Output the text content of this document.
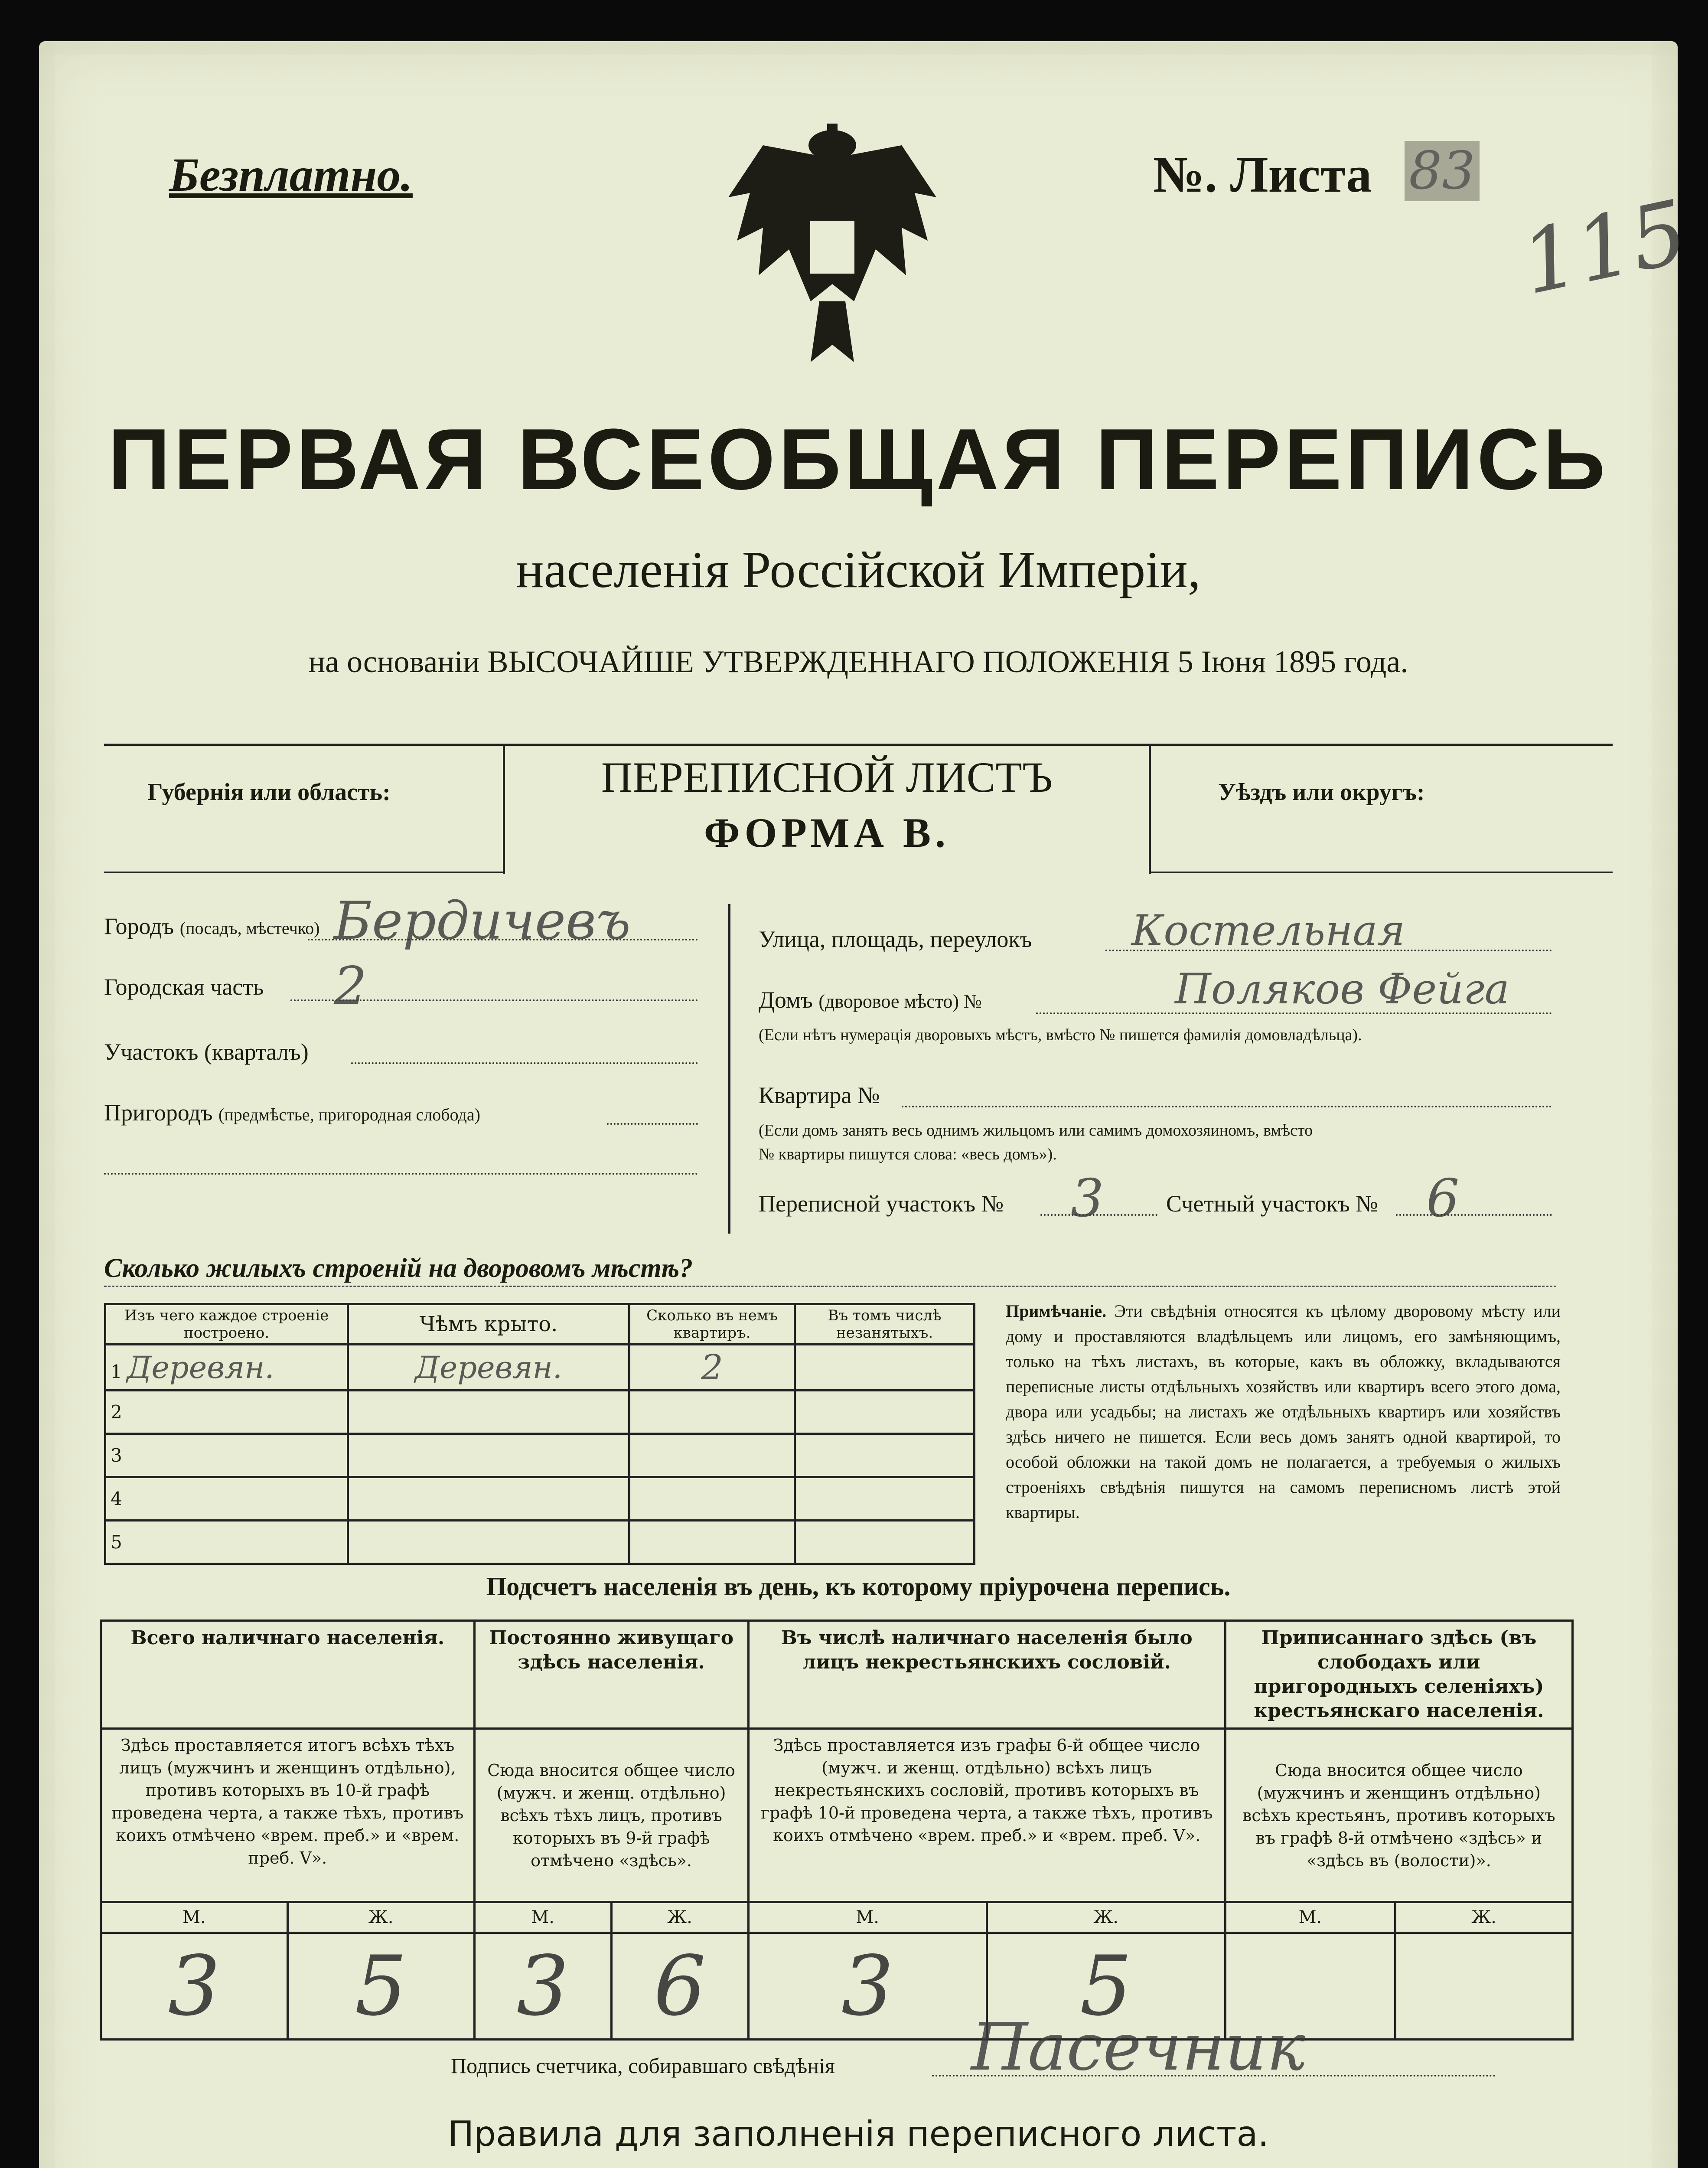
Безплатно.	№. Листа 83
115
ПЕРВАЯ ВСЕОБЩАЯ ПЕРЕПИСЬ
населенія Россійской Имперіи,
на основаніи ВЫСОЧАЙШЕ УТВЕРЖДЕННАГО ПОЛОЖЕНІЯ 5 Іюня 1895 года.
Губернія или область:	ПЕРЕПИСНОЙ ЛИСТЪ
ФОРМА В.
Уѣздъ или округъ:
Городъ (посадъ, мѣстечко) Бердичевъ
Городская часть 2
Участокъ (кварталъ)
Пригородъ (предмѣстье, пригородная слобода)
Улица, площадь, переулокъ Костельная
Домъ (дворовое мѣсто) №	Поляков Фейга
(Если нѣтъ нумерація дворовыхъ мѣстъ, вмѣсто № пишется фамилія домовладѣльца).
Квартира №
(Если домъ занятъ весь однимъ жильцомъ или самимъ домохозяиномъ, вмѣсто
№ квартиры пишутся слова: «весь домъ»).
Переписной участокъ № 3	Счетный участокъ № 6
Сколько жилыхъ строеній на дворовомъ мѣстѣ?
Изъ чего каждое строеніе построено.	Чѣмъ крыто.	Сколько въ немъ квартиръ.	Въ томъ числѣ незанятыхъ.
1 Деревян.	Деревян.	2	
2			
3			
4			
5			
Примѣчаніе. Эти свѣдѣнія относятся къ цѣлому дворовому мѣсту или дому и проставляются владѣльцемъ или лицомъ, его замѣняющимъ, только на тѣхъ листахъ, въ которые, какъ въ обложку, вкладываются переписные листы отдѣльныхъ хозяйствъ или квартиръ всего этого дома, двора или усадьбы; на листахъ же отдѣльныхъ квартиръ или хозяйствъ здѣсь ничего не пишется. Если весь домъ занятъ одной квартирой, то особой обложки на такой домъ не полагается, а требуемыя о жилыхъ строеніяхъ свѣдѣнія пишутся на самомъ переписномъ листѣ этой квартиры.
Подсчетъ населенія въ день, къ которому пріурочена перепись.
Всего наличнаго населенія.		Постоянно живущаго здѣсь населенія.		Въ числѣ наличнаго населенія было лицъ некрестьянскихъ сословій.		Приписаннаго здѣсь (въ слободахъ или пригородныхъ селеніяхъ) крестьянскаго населенія.	
Здѣсь проставляется итогъ всѣхъ тѣхъ лицъ (мужчинъ и женщинъ отдѣльно), противъ которыхъ въ 10-й графѣ проведена черта, а также тѣхъ, противъ коихъ отмѣчено «врем. преб.» и «врем. преб. V».		Сюда вносится общее число (мужч. и женщ. отдѣльно) всѣхъ тѣхъ лицъ, противъ которыхъ въ 9-й графѣ отмѣчено «здѣсь».		Здѣсь проставляется изъ графы 6-й общее число (мужч. и женщ. отдѣльно) всѣхъ лицъ некрестьянскихъ сословій, противъ которыхъ въ графѣ 10-й проведена черта, а также тѣхъ, противъ коихъ отмѣчено «врем. преб.» и «врем. преб. V».		Сюда вносится общее число (мужчинъ и женщинъ отдѣльно) всѣхъ крестьянъ, противъ которыхъ въ графѣ 8-й отмѣчено «здѣсь» и «здѣсь въ (волости)».	
М.	Ж.	М.	Ж.	М.	Ж.	М.	Ж.
3	5	3	6	3	5		
Подпись счетчика, собиравшаго свѣдѣнія Пасечник
Правила для заполненія переписного листа.
